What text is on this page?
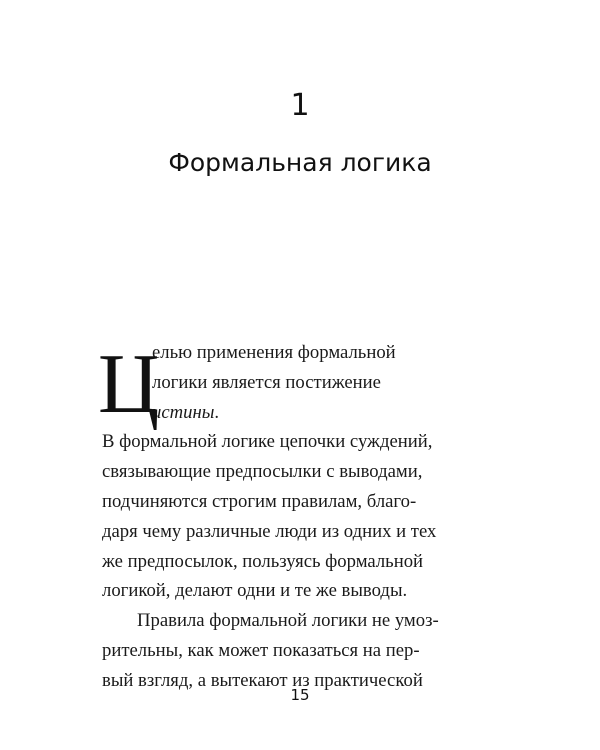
1
Формальная логика
Ц
елью применения формальной
логики является постижение
истины.
В формальной логике цепочки суждений,
связывающие предпосылки с выводами,
подчиняются строгим правилам, благо-
даря чему различные люди из одних и тех
же предпосылок, пользуясь формальной
логикой, делают одни и те же выводы.
Правила формальной логики не умоз-
рительны, как может показаться на пер-
вый взгляд, а вытекают из практической
15
